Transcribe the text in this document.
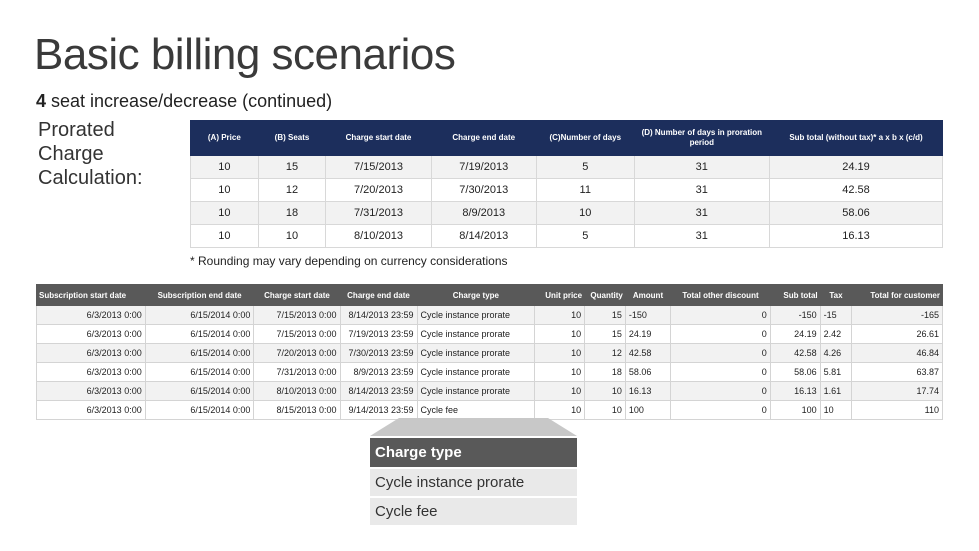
Basic billing scenarios
4 seat increase/decrease (continued)
Prorated
Charge
Calculation:
(A) Price	(B) Seats	Charge start date	Charge end date	(C)Number of days	(D) Number of days in proration period	Sub total (without tax)* a x b x (c/d)
10	15	7/15/2013	7/19/2013	5	31	24.19
10	12	7/20/2013	7/30/2013	11	31	42.58
10	18	7/31/2013	8/9/2013	10	31	58.06
10	10	8/10/2013	8/14/2013	5	31	16.13
* Rounding may vary depending on currency considerations
Subscription start date	Subscription end date	Charge start date	Charge end date	Charge type	Unit price	Quantity	Amount	Total other discount	Sub total	Tax	Total for customer
6/3/2013 0:00	6/15/2014 0:00	7/15/2013 0:00	8/14/2013 23:59	Cycle instance prorate	10	15	-150	0	-150	-15	-165
6/3/2013 0:00	6/15/2014 0:00	7/15/2013 0:00	7/19/2013 23:59	Cycle instance prorate	10	15	24.19	0	24.19	2.42	26.61
6/3/2013 0:00	6/15/2014 0:00	7/20/2013 0:00	7/30/2013 23:59	Cycle instance prorate	10	12	42.58	0	42.58	4.26	46.84
6/3/2013 0:00	6/15/2014 0:00	7/31/2013 0:00	8/9/2013 23:59	Cycle instance prorate	10	18	58.06	0	58.06	5.81	63.87
6/3/2013 0:00	6/15/2014 0:00	8/10/2013 0:00	8/14/2013 23:59	Cycle instance prorate	10	10	16.13	0	16.13	1.61	17.74
6/3/2013 0:00	6/15/2014 0:00	8/15/2013 0:00	9/14/2013 23:59	Cycle fee	10	10	100	0	100	10	110
Charge type
Cycle instance prorate
Cycle fee
